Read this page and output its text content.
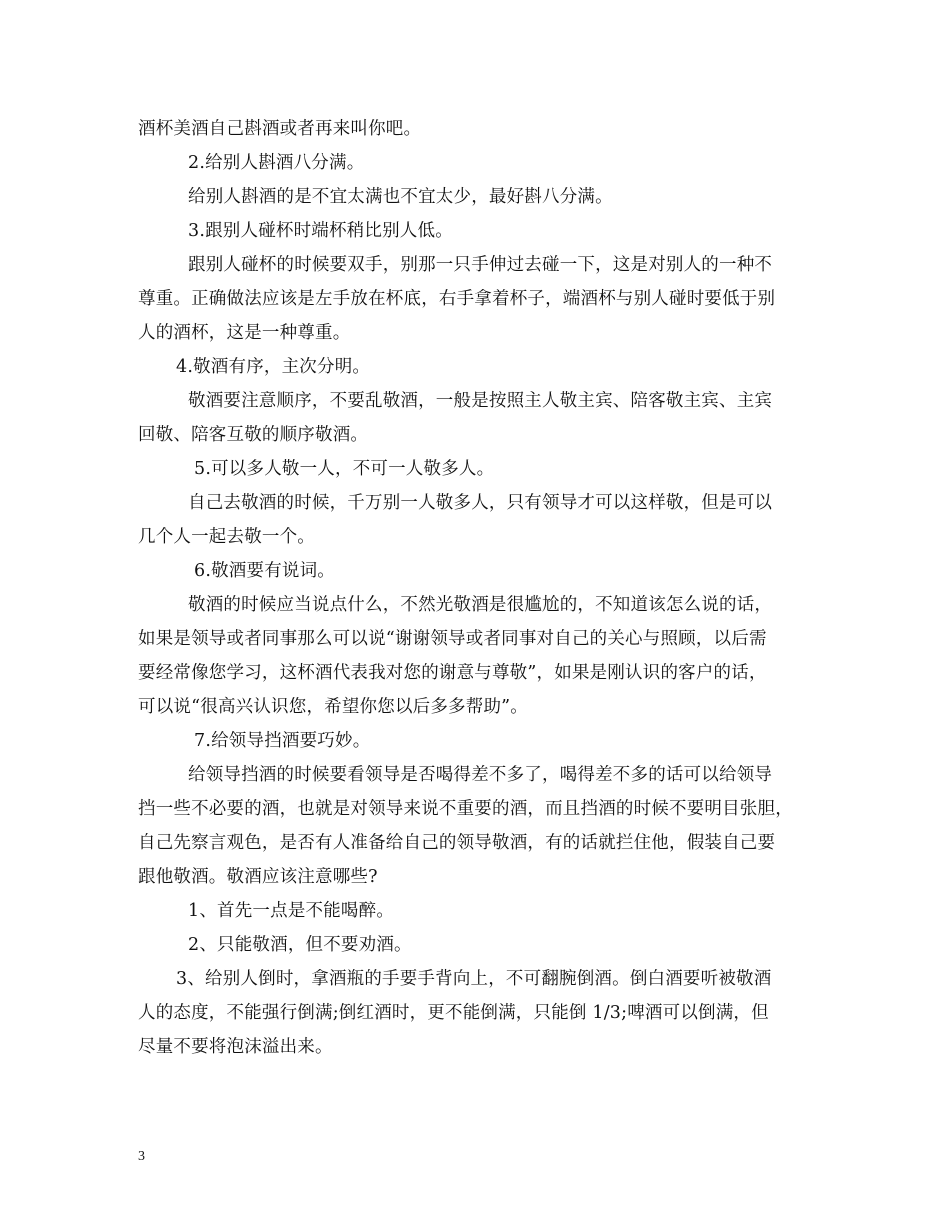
酒杯美酒自己斟酒或者再来叫你吧。
2.给别人斟酒八分满。
给别人斟酒的是不宜太满也不宜太少，最好斟八分满。
3.跟别人碰杯时端杯稍比别人低。
跟别人碰杯的时候要双手，别那一只手伸过去碰一下，这是对别人的一种不
尊重。正确做法应该是左手放在杯底，右手拿着杯子，端酒杯与别人碰时要低于别
人的酒杯，这是一种尊重。
4.敬酒有序，主次分明。
敬酒要注意顺序，不要乱敬酒，一般是按照主人敬主宾、陪客敬主宾、主宾
回敬、陪客互敬的顺序敬酒。
5.可以多人敬一人，不可一人敬多人。
自己去敬酒的时候，千万别一人敬多人，只有领导才可以这样敬，但是可以
几个人一起去敬一个。
6.敬酒要有说词。
敬酒的时候应当说点什么，不然光敬酒是很尴尬的，不知道该怎么说的话，
如果是领导或者同事那么可以说“谢谢领导或者同事对自己的关心与照顾，以后需
要经常像您学习，这杯酒代表我对您的谢意与尊敬”，如果是刚认识的客户的话，
可以说“很高兴认识您，希望你您以后多多帮助”。
7.给领导挡酒要巧妙。
给领导挡酒的时候要看领导是否喝得差不多了，喝得差不多的话可以给领导
挡一些不必要的酒，也就是对领导来说不重要的酒，而且挡酒的时候不要明目张胆，
自己先察言观色，是否有人准备给自己的领导敬酒，有的话就拦住他，假装自己要
跟他敬酒。敬酒应该注意哪些?
1、首先一点是不能喝醉。
2、只能敬酒，但不要劝酒。
3、给别人倒时，拿酒瓶的手要手背向上，不可翻腕倒酒。倒白酒要听被敬酒
人的态度，不能强行倒满;倒红酒时，更不能倒满，只能倒 1/3;啤酒可以倒满，但
尽量不要将泡沫溢出来。
3
